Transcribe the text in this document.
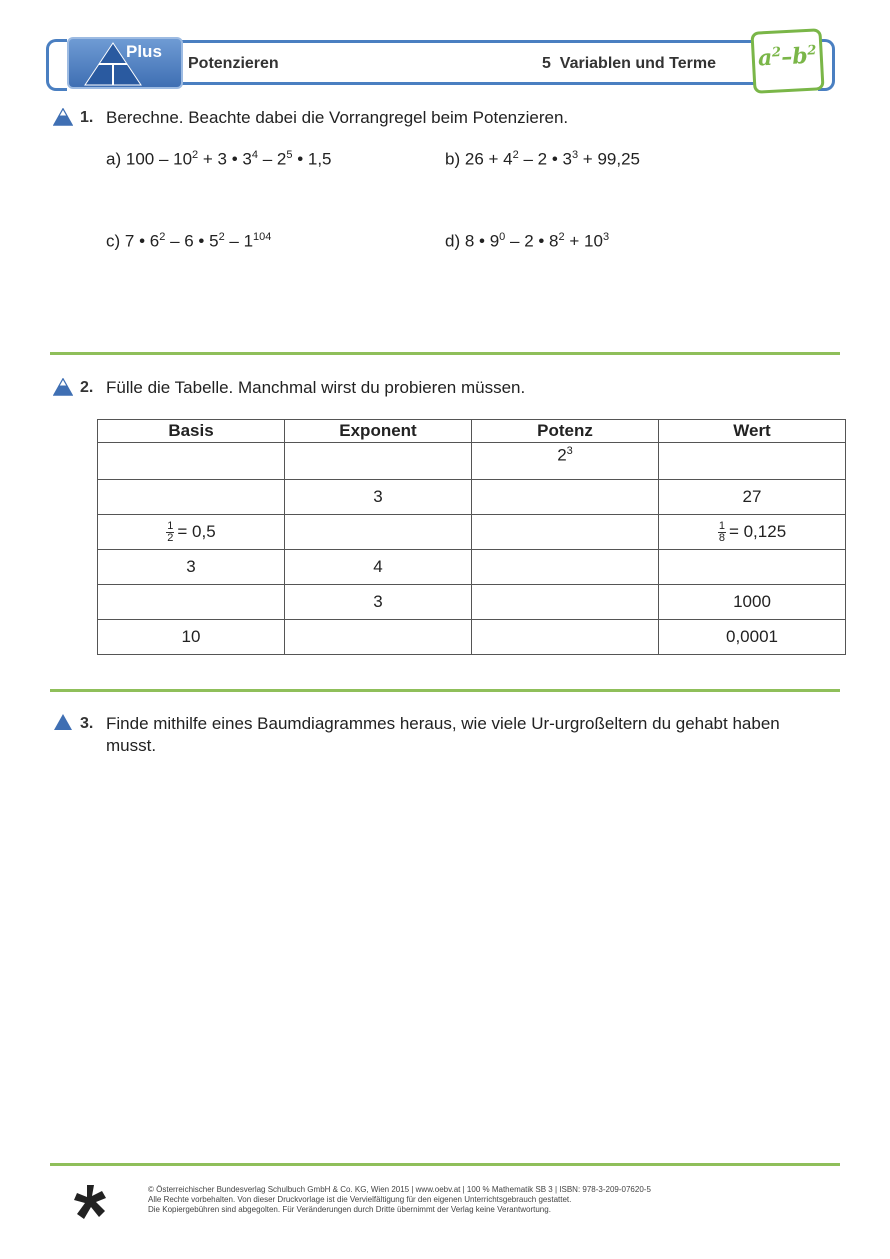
Plus
Potenzieren	5  Variablen und Terme $a^2-b^2$
1. Berechne. Beachte dabei die Vorrangregel beim Potenzieren.
a) $100 - 10^2 + 3$ • $3^4 - 2^5$ • 1,5	b) $26 + 4^2 - 2$ • $3^3 + 99,25$
c) 7 • $6^2 - 6$ • $5^2 - 1^{104}$	d) 8 • $9^0 - 2$ • $8^2 + 10^3$
2. Fülle die Tabelle. Manchmal wirst du probieren müssen.
Basis	Exponent	Potenz	Wert
		$2^3$	
	3		27

$\frac{1}{2} = 0,5$			$\frac{1}{8} = 0,125$
3	4		
	3		1000
10			0,0001
3. Finde mithilfe eines Baumdiagrammes heraus, wie viele Ur-urgroßeltern du gehabt haben
musst.
© Österreichischer Bundesverlag Schulbuch GmbH & Co. KG, Wien 2015 | www.oebv.at | 100 % Mathematik SB 3 | ISBN: 978-3-209-07620-5
Alle Rechte vorbehalten. Von dieser Druckvorlage ist die Vervielfältigung für den eigenen Unterrichtsgebrauch gestattet.
Die Kopiergebühren sind abgegolten. Für Veränderungen durch Dritte übernimmt der Verlag keine Verantwortung.
